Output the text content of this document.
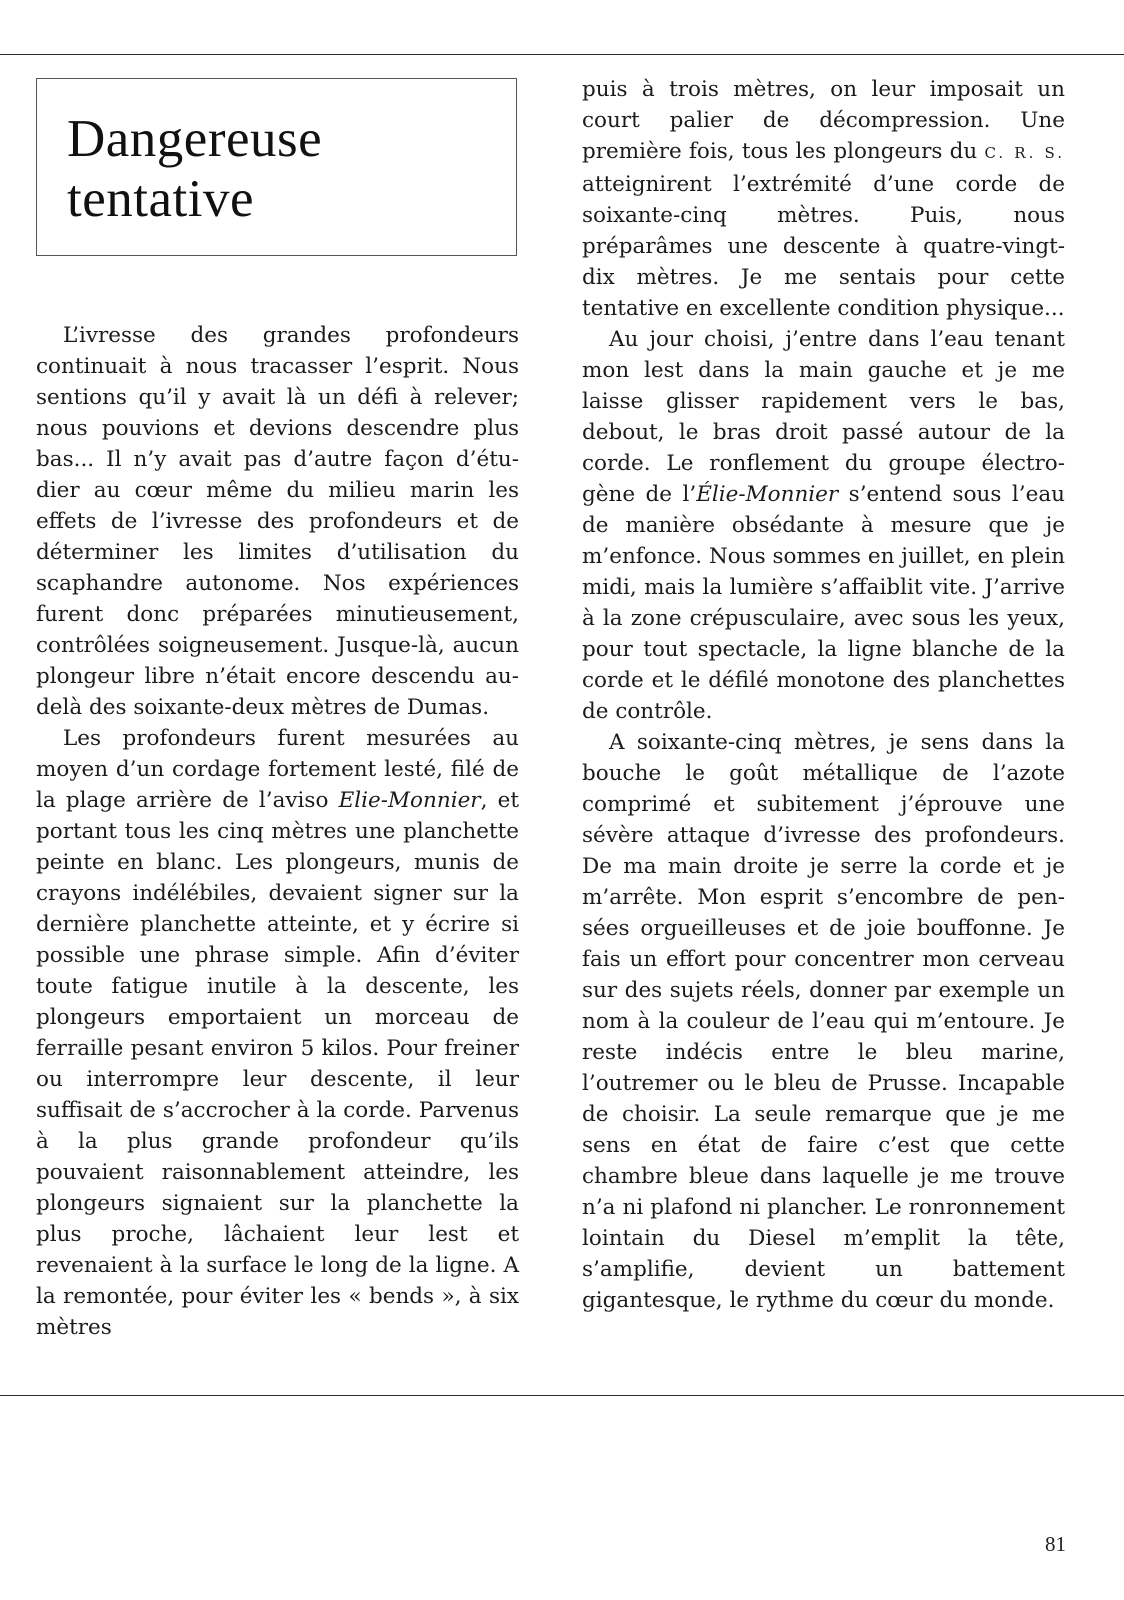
Dangereuse
tentative

L’ivresse des grandes profondeurs continuait à nous tracasser l’esprit. Nous sentions qu’il y avait là un défi à relever; nous pouvions et devions descendre plus bas... Il n’y avait pas d’autre façon d’étudier au cœur même du milieu marin les effets de l’ivresse des profondeurs et de déterminer les limites d’utilisation du scaphandre autonome. Nos expériences furent donc préparées minutieusement, contrôlées soigneusement. Jusque-là, aucun plongeur libre n’était encore descendu au-delà des soixante-deux mètres de Dumas.

Les profondeurs furent mesurées au moyen d’un cordage fortement lesté, filé de la plage arrière de l’aviso Elie-Monnier, et portant tous les cinq mètres une planchette peinte en blanc. Les plongeurs, munis de crayons indélébiles, devaient signer sur la dernière planchette atteinte, et y écrire si possible une phrase simple. Afin d’éviter toute fatigue inutile à la descente, les plongeurs emportaient un morceau de ferraille pesant environ 5 kilos. Pour freiner ou interrompre leur descente, il leur suffisait de s’accrocher à la corde. Parvenus à la plus grande profondeur qu’ils pouvaient raisonnablement atteindre, les plongeurs signaient sur la planchette la plus proche, lâchaient leur lest et revenaient à la surface le long de la ligne. A la remontée, pour éviter les « bends », à six mètres

puis à trois mètres, on leur imposait un court palier de décompression. Une première fois, tous les plongeurs du C. R. S. atteignirent l’extrémité d’une corde de soixante-cinq mètres. Puis, nous préparâmes une descente à quatre-vingt-dix mètres. Je me sentais pour cette tentative en excellente condition physique...

Au jour choisi, j’entre dans l’eau tenant mon lest dans la main gauche et je me laisse glisser rapidement vers le bas, debout, le bras droit passé autour de la corde. Le ronflement du groupe électrogène de l’Élie-Monnier s’entend sous l’eau de manière obsédante à mesure que je m’enfonce. Nous sommes en juillet, en plein midi, mais la lumière s’affaiblit vite. J’arrive à la zone crépusculaire, avec sous les yeux, pour tout spectacle, la ligne blanche de la corde et le défilé monotone des planchettes de contrôle.

A soixante-cinq mètres, je sens dans la bouche le goût métallique de l’azote comprimé et subitement j’éprouve une sévère attaque d’ivresse des profondeurs. De ma main droite je serre la corde et je m’arrête. Mon esprit s’encombre de pensées orgueilleuses et de joie bouffonne. Je fais un effort pour concentrer mon cerveau sur des sujets réels, donner par exemple un nom à la couleur de l’eau qui m’entoure. Je reste indécis entre le bleu marine, l’outremer ou le bleu de Prusse. Incapable de choisir. La seule remarque que je me sens en état de faire c’est que cette chambre bleue dans laquelle je me trouve n’a ni plafond ni plancher. Le ronronnement lointain du Diesel m’emplit la tête, s’amplifie, devient un battement gigantesque, le rythme du cœur du monde.

81
